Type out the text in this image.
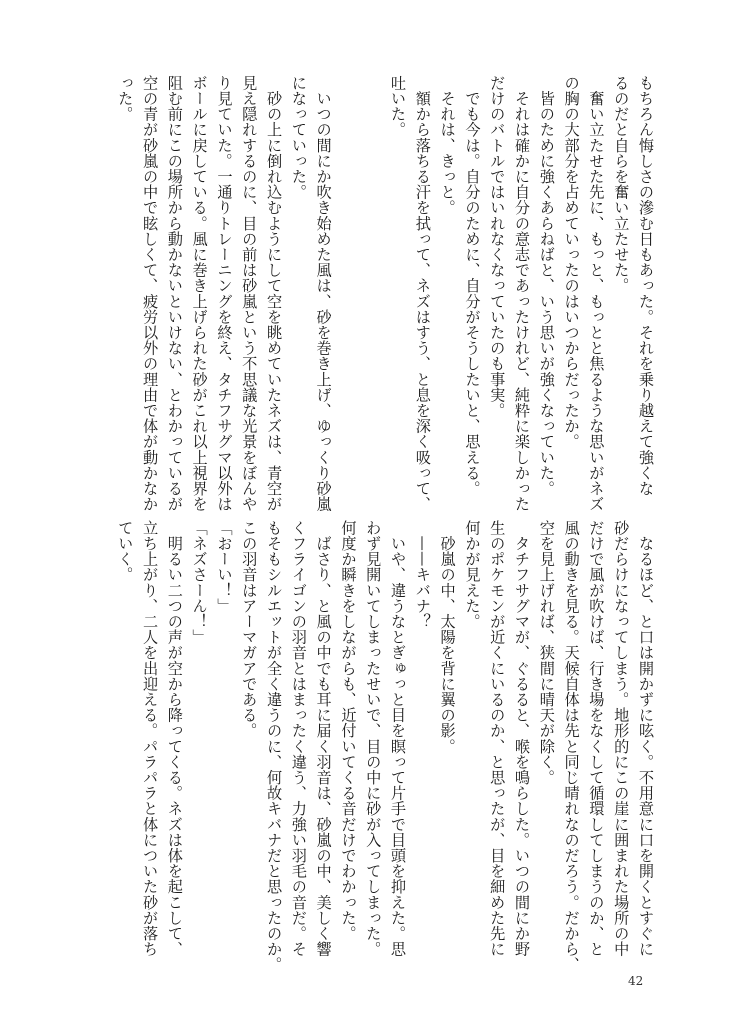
もちろん悔しさの滲む日もあった。それを乗り越えて強くな
るのだと自らを奮い立たせた。
　奮い立たせた先に、もっと、もっとと焦るような思いがネズ
の胸の大部分を占めていったのはいつからだったか。
　皆のために強くあらねばと、いう思いが強くなっていた。
　それは確かに自分の意志であったけれど、純粋に楽しかった
だけのバトルではいれなくなっていたのも事実。
　でも今は。自分のために、自分がそうしたいと、思える。
　それは、きっと。
　額から落ちる汗を拭って、ネズはすう、と息を深く吸って、
吐いた。

　いつの間にか吹き始めた風は、砂を巻き上げ、ゆっくり砂嵐
になっていった。
　砂の上に倒れ込むようにして空を眺めていたネズは、青空が
見え隠れするのに、目の前は砂嵐という不思議な光景をぼんや
り見ていた。一通りトレーニングを終え、タチフサグマ以外は
ボールに戻している。風に巻き上げられた砂がこれ以上視界を
阻む前にこの場所から動かないといけない、とわかっているが
空の青が砂嵐の中で眩しくて、疲労以外の理由で体が動かなか
った。
　なるほど、と口は開かずに呟く。不用意に口を開くとすぐに
砂だらけになってしまう。地形的にこの崖に囲まれた場所の中
だけで風が吹けば、行き場をなくして循環してしまうのか、と
風の動きを見る。天候自体は先と同じ晴れなのだろう。だから、
空を見上げれば、狭間に晴天が除く。
　タチフサグマが、ぐるると、喉を鳴らした。いつの間にか野
生のポケモンが近くにいるのか、と思ったが、目を細めた先に
何かが見えた。
　砂嵐の中、太陽を背に翼の影。
　——キバナ？
　いや、違うなとぎゅっと目を瞑って片手で目頭を抑えた。思
わず見開いてしまったせいで、目の中に砂が入ってしまった。
何度か瞬きをしながらも、近付いてくる音だけでわかった。
　ばさり、と風の中でも耳に届く羽音は、砂嵐の中、美しく響
くフライゴンの羽音とはまったく違う、力強い羽毛の音だ。そ
もそもシルエットが全く違うのに、何故キバナだと思ったのか。
この羽音はアーマガアである。
「おーい！」
「ネズさーん！」
　明るい二つの声が空から降ってくる。ネズは体を起こして、
立ち上がり、二人を出迎える。パラパラと体についた砂が落ち
ていく。
42
